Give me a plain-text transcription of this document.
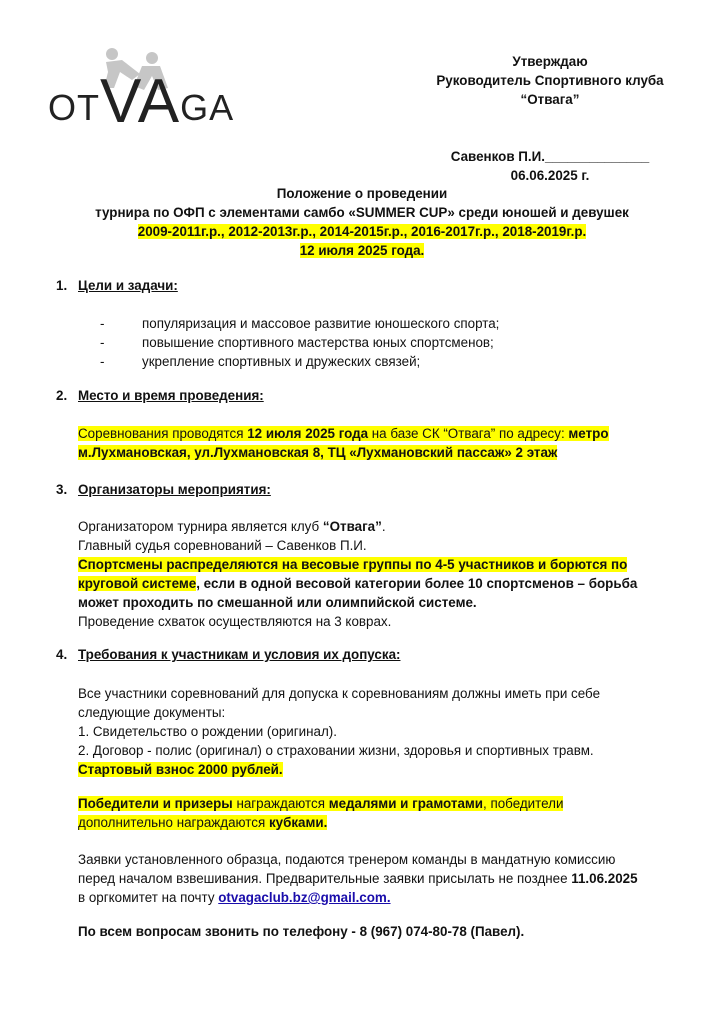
OTVAGA
Утверждаю
Руководитель Спортивного клуба
“Отвага”
Савенков П.И.______________
06.06.2025 г.
Положение о проведении
турнира по ОФП с элементами самбо «SUMMER CUP» среди юношей и девушек
2009-2011г.р., 2012-2013г.р., 2014-2015г.р., 2016-2017г.р., 2018-2019г.р.
12 июля 2025 года.
1. Цели и задачи:
-	популяризация и массовое развитие юношеского спорта;
-	повышение спортивного мастерства юных спортсменов;
-	укрепление спортивных и дружеских связей;
2. Место и время проведения:
Соревнования проводятся 12 июля 2025 года на базе СК “Отвага” по адресу: метро
м.Лухмановская, ул.Лухмановская 8, ТЦ «Лухмановский пассаж» 2 этаж
3. Организаторы мероприятия:
Организатором турнира является клуб “Отвага”.
Главный судья соревнований – Савенков П.И.
Спортсмены распределяются на весовые группы по 4-5 участников и борются по
круговой системе, если в одной весовой категории более 10 спортсменов – борьба
может проходить по смешанной или олимпийской системе.
Проведение схваток осуществляются на 3 коврах.
4. Требования к участникам и условия их допуска:
Все участники соревнований для допуска к соревнованиям должны иметь при себе
следующие документы:
1. Свидетельство о рождении (оригинал).
2. Договор - полис (оригинал) о страховании жизни, здоровья и спортивных травм.
Стартовый взнос 2000 рублей.
Победители и призеры награждаются медалями и грамотами, победители
дополнительно награждаются кубками.
Заявки установленного образца, подаются тренером команды в мандатную комиссию
перед началом взвешивания. Предварительные заявки присылать не позднее 11.06.2025
в оргкомитет на почту otvagaclub.bz@gmail.com.
По всем вопросам звонить по телефону - 8 (967) 074-80-78 (Павел).
